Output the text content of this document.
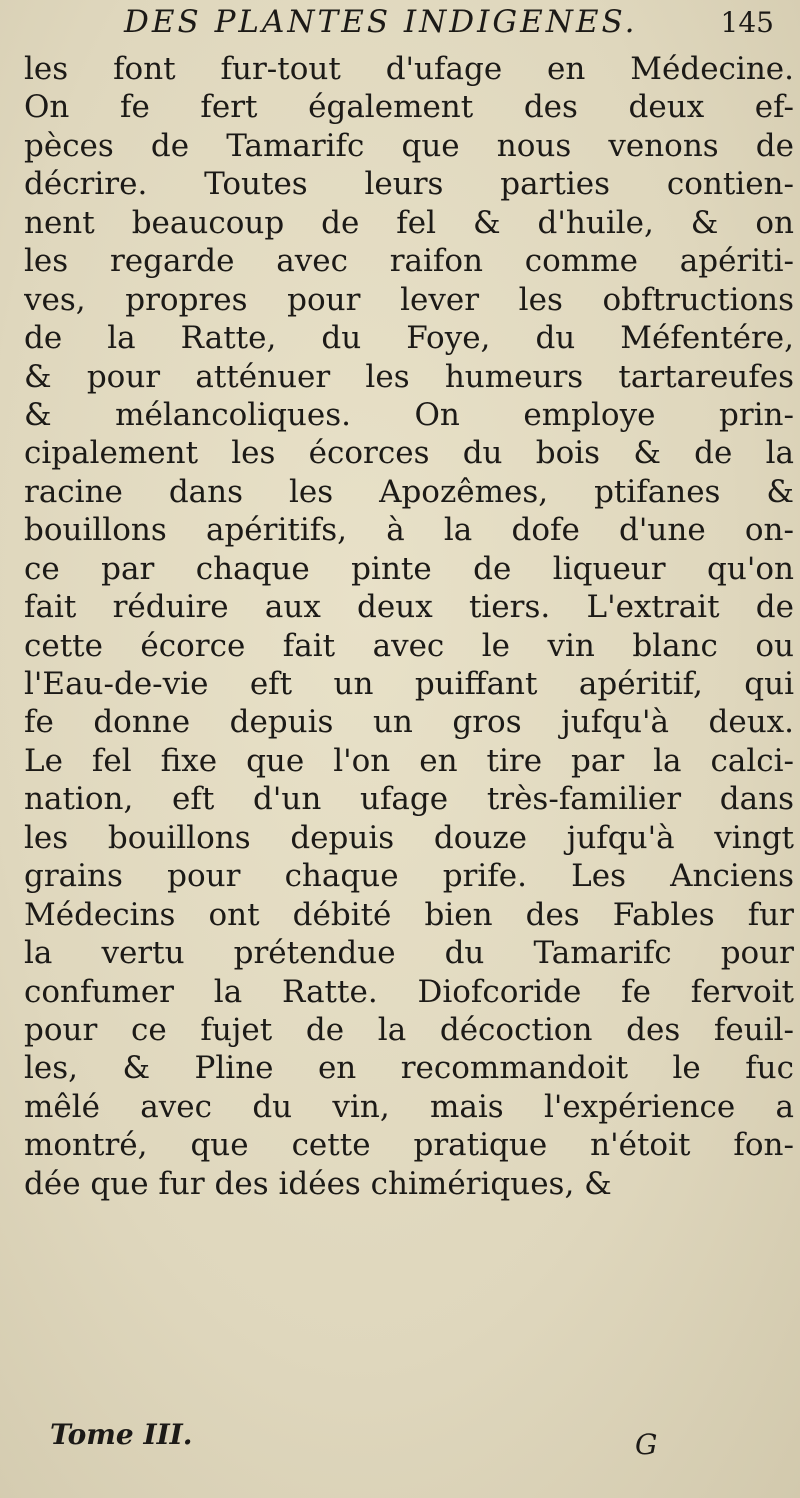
DES PLANTES INDIGENES.	145
les font fur-tout d'ufage en Médecine.
On fe fert également des deux ef-
pèces de Tamarifc que nous venons de
décrire. Toutes leurs parties contien-
nent beaucoup de fel & d'huile, & on
les regarde avec raifon comme apériti-
ves, propres pour lever les obftructions
de la Ratte, du Foye, du Méfentére,
& pour atténuer les humeurs tartareufes
& mélancoliques. On employe prin-
cipalement les écorces du bois & de la
racine dans les Apozêmes, ptifanes &
bouillons apéritifs, à la dofe d'une on-
ce par chaque pinte de liqueur qu'on
fait réduire aux deux tiers. L'extrait de
cette écorce fait avec le vin blanc ou
l'Eau-de-vie eft un puiffant apéritif, qui
fe donne depuis un gros jufqu'à deux.
Le fel fixe que l'on en tire par la calci-
nation, eft d'un ufage très-familier dans
les bouillons depuis douze jufqu'à vingt
grains pour chaque prife. Les Anciens
Médecins ont débité bien des Fables fur
la vertu prétendue du Tamarifc pour
confumer la Ratte. Diofcoride fe fervoit
pour ce fujet de la décoction des feuil-
les, & Pline en recommandoit le fuc
mêlé avec du vin, mais l'expérience a
montré, que cette pratique n'étoit fon-
dée que fur des idées chimériques, &
Tome III.	G
